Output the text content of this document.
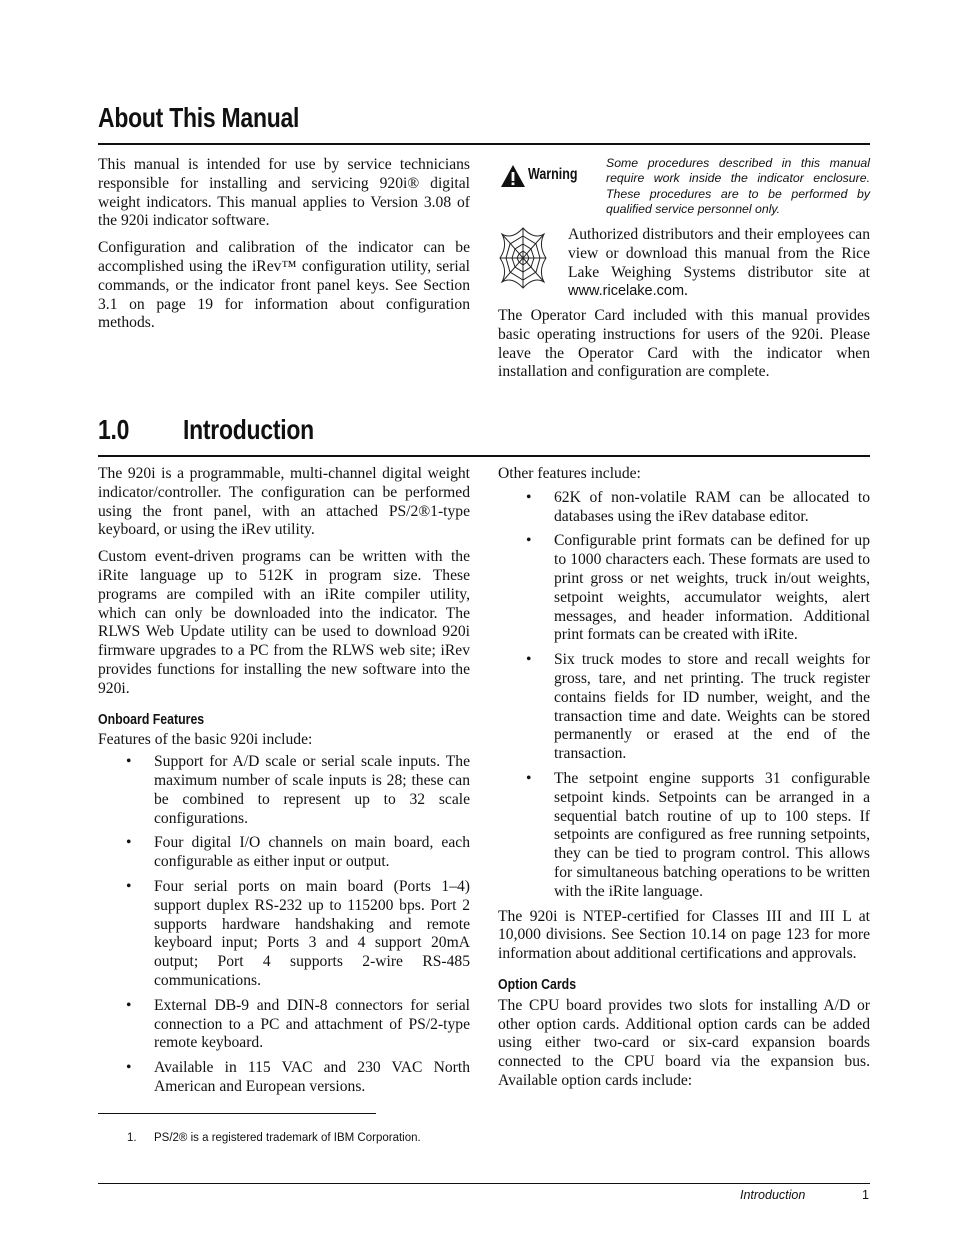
About This Manual

This manual is intended for use by service technicians responsible for installing and servicing 920i® digital weight indicators. This manual applies to Version 3.08 of the 920i indicator software.

Configuration and calibration of the indicator can be accomplished using the iRev™ configuration utility, serial commands, or the indicator front panel keys. See Section 3.1 on page 19 for information about configuration methods.

Warning
Some procedures described in this manual require work inside the indicator enclosure. These procedures are to be performed by qualified service personnel only.
Authorized distributors and their employees can view or download this manual from the Rice Lake Weighing Systems distributor site at www.ricelake.com.
The Operator Card included with this manual provides basic operating instructions for users of the 920i. Please leave the Operator Card with the indicator when installation and configuration are complete.
1.0 Introduction

The 920i is a programmable, multi-channel digital weight indicator/controller. The configuration can be performed using the front panel, with an attached PS/2®1-type keyboard, or using the iRev utility.

Custom event-driven programs can be written with the iRite language up to 512K in program size. These programs are compiled with an iRite compiler utility, which can only be downloaded into the indicator. The RLWS Web Update utility can be used to download 920i firmware upgrades to a PC from the RLWS web site; iRev provides functions for installing the new software into the 920i.

Onboard Features

Features of the basic 920i include:

• Support for A/D scale or serial scale inputs. The maximum number of scale inputs is 28; these can be combined to represent up to 32 scale configurations.
• Four digital I/O channels on main board, each configurable as either input or output.
• Four serial ports on main board (Ports 1–4) support duplex RS-232 up to 115200 bps. Port 2 supports hardware handshaking and remote keyboard input; Ports 3 and 4 support 20mA output; Port 4 supports 2-wire RS-485 communications.
• External DB-9 and DIN-8 connectors for serial connection to a PC and attachment of PS/2-type remote keyboard.
• Available in 115 VAC and 230 VAC North American and European versions.

Other features include:

• 62K of non-volatile RAM can be allocated to databases using the iRev database editor.
• Configurable print formats can be defined for up to 1000 characters each. These formats are used to print gross or net weights, truck in/out weights, setpoint weights, accumulator weights, alert messages, and header information. Additional print formats can be created with iRite.
• Six truck modes to store and recall weights for gross, tare, and net printing. The truck register contains fields for ID number, weight, and the transaction time and date. Weights can be stored permanently or erased at the end of the transaction.
• The setpoint engine supports 31 configurable setpoint kinds. Setpoints can be arranged in a sequential batch routine of up to 100 steps. If setpoints are configured as free running setpoints, they can be tied to program control. This allows for simultaneous batching operations to be written with the iRite language.

The 920i is NTEP-certified for Classes III and III L at 10,000 divisions. See Section 10.14 on page 123 for more information about additional certifications and approvals.

Option Cards

The CPU board provides two slots for installing A/D or other option cards. Additional option cards can be added using either two-card or six-card expansion boards connected to the CPU board via the expansion bus. Available option cards include:

1. PS/2® is a registered trademark of IBM Corporation.
Introduction	1
